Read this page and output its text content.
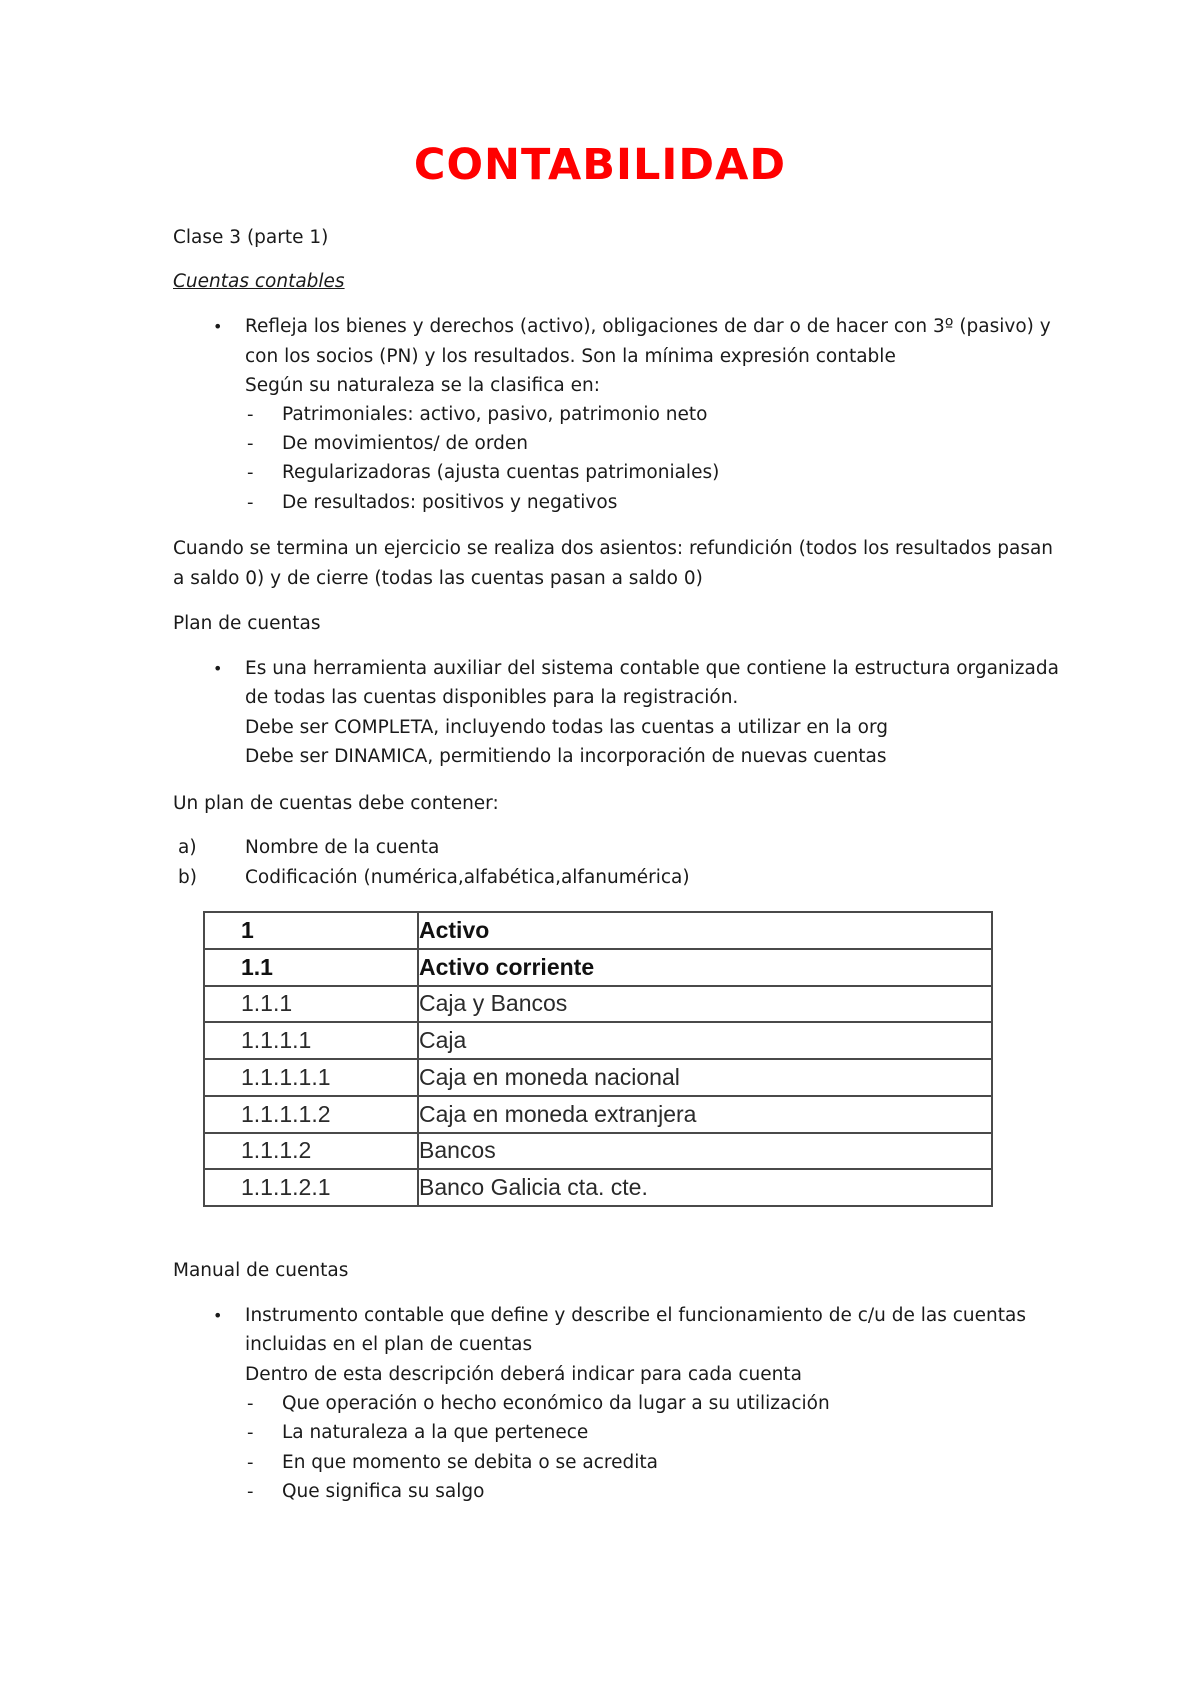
CONTABILIDAD

Clase 3 (parte 1)

Cuentas contables

• Refleja los bienes y derechos (activo), obligaciones de dar o de hacer con 3º (pasivo) y

con los socios (PN) y los resultados. Son la mínima expresión contable

Según su naturaleza se la clasifica en:

- Patrimoniales: activo, pasivo, patrimonio neto

- De movimientos/ de orden

- Regularizadoras (ajusta cuentas patrimoniales)

- De resultados: positivos y negativos

Cuando se termina un ejercicio se realiza dos asientos: refundición (todos los resultados pasan

a saldo 0) y de cierre (todas las cuentas pasan a saldo 0)

Plan de cuentas

• Es una herramienta auxiliar del sistema contable que contiene la estructura organizada

de todas las cuentas disponibles para la registración.

Debe ser COMPLETA, incluyendo todas las cuentas a utilizar en la org

Debe ser DINAMICA, permitiendo la incorporación de nuevas cuentas

Un plan de cuentas debe contener:

a)	Nombre de la cuenta

b)	Codificación (numérica,alfabética,alfanumérica)

1	Activo
1.1	Activo corriente
1.1.1	Caja y Bancos
1.1.1.1	Caja
1.1.1.1.1	Caja en moneda nacional
1.1.1.1.2	Caja en moneda extranjera
1.1.1.2	Bancos
1.1.1.2.1	Banco Galicia cta. cte.

Manual de cuentas

• Instrumento contable que define y describe el funcionamiento de c/u de las cuentas

incluidas en el plan de cuentas

Dentro de esta descripción deberá indicar para cada cuenta

- Que operación o hecho económico da lugar a su utilización

- La naturaleza a la que pertenece

- En que momento se debita o se acredita

- Que significa su salgo
